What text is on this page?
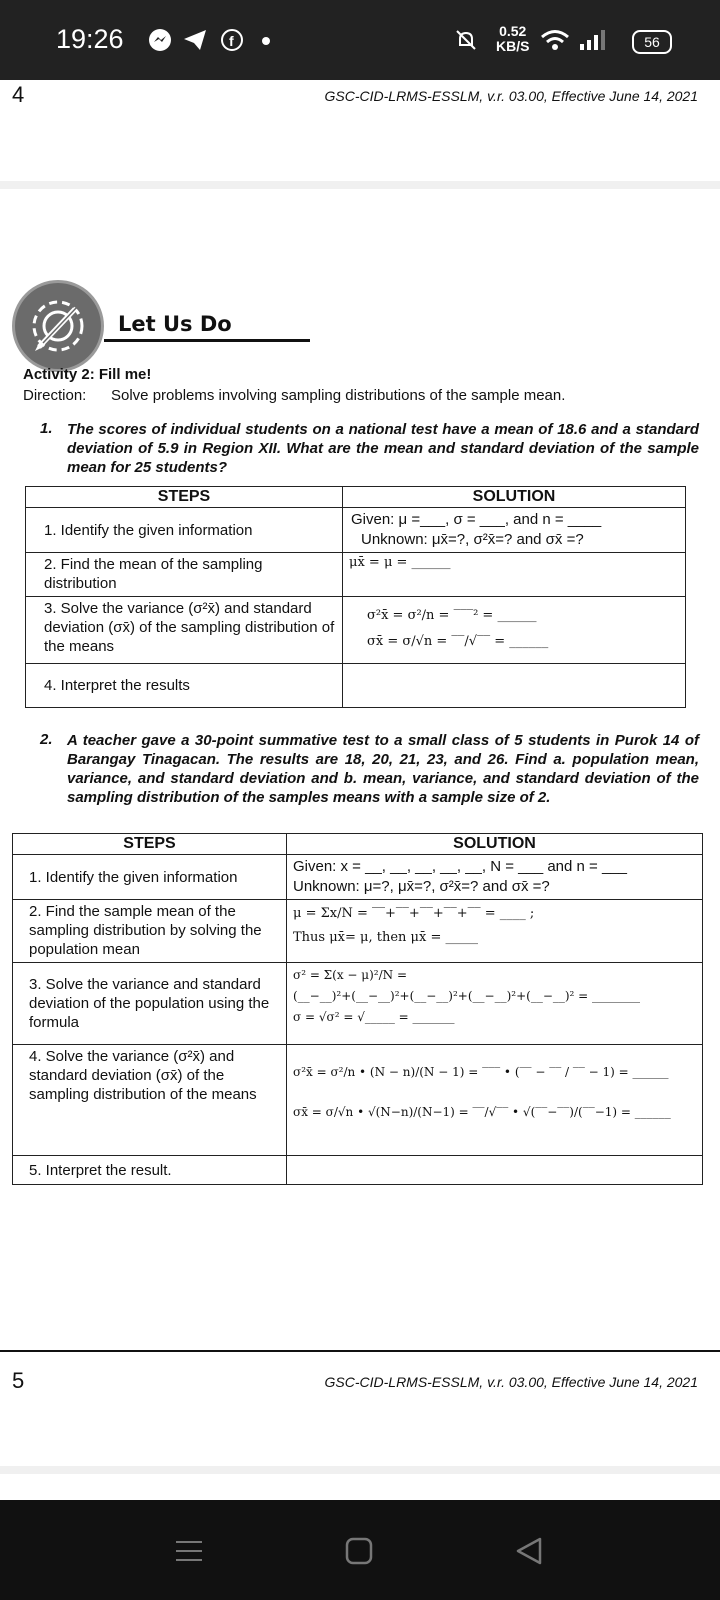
19:26	f
0.52
KB/S	56
4	GSC-CID-LRMS-ESSLM, v.r. 03.00, Effective June 14, 2021
Let Us Do
Activity 2: Fill me!
Direction: Solve problems involving sampling distributions of the sample mean.
1. The scores of individual students on a national test have a mean of 18.6 and a standard deviation of 5.9 in Region XII. What are the mean and standard deviation of the sample mean for 25 students?
STEPS	SOLUTION
1. Identify the given information	Given: μ =___, σ = ___, and n = ____
Unknown: μx̄=?, σ²x̄=? and σx̄ =?

2. Find the mean of the sampling distribution	μx̄ = μ = ______
3. Solve the variance (σ²x̄) and standard deviation (σx̄) of the sampling distribution of the means	σ²x̄ = σ²/n = ‾‾‾² = ______
σx̄ = σ/√n = ‾‾/√‾‾ = ______

4. Interpret the results	
2. A teacher gave a 30-point summative test to a small class of 5 students in Purok 14 of Barangay Tinagacan. The results are 18, 20, 21, 23, and 26. Find a. population mean, variance, and standard deviation and b. mean, variance, and standard deviation of the sampling distribution of the samples means with a sample size of 2.
STEPS	SOLUTION
1. Identify the given information	Given: x = __, __, __, __, __, N = ___ and n = ___
Unknown: μ=?, μx̄=?, σ²x̄=? and σx̄ =?

2. Find the sample mean of the sampling distribution by solving the population mean	μ = Σx/N = ‾‾+‾‾+‾‾+‾‾+‾‾ = ____ ;
Thus μx̄= μ, then μx̄ = _____

3. Solve the variance and standard deviation of the population using the formula	σ² = Σ(x − μ)²/N =
(__−__)²+(__−__)²+(__−__)²+(__−__)²+(__−__)² = ________
σ = √σ² = √_____ = _______

4. Solve the variance (σ²x̄) and standard deviation (σx̄) of the sampling distribution of the means	σ²x̄ = σ²/n • (N − n)/(N − 1) = ‾‾‾ • (‾‾ − ‾‾ / ‾‾ − 1) = ______
σx̄ = σ/√n • √(N−n)/(N−1) = ‾‾/√‾‾ • √(‾‾−‾‾)/(‾‾−1) = ______

5. Interpret the result.	
5	GSC-CID-LRMS-ESSLM, v.r. 03.00, Effective June 14, 2021
